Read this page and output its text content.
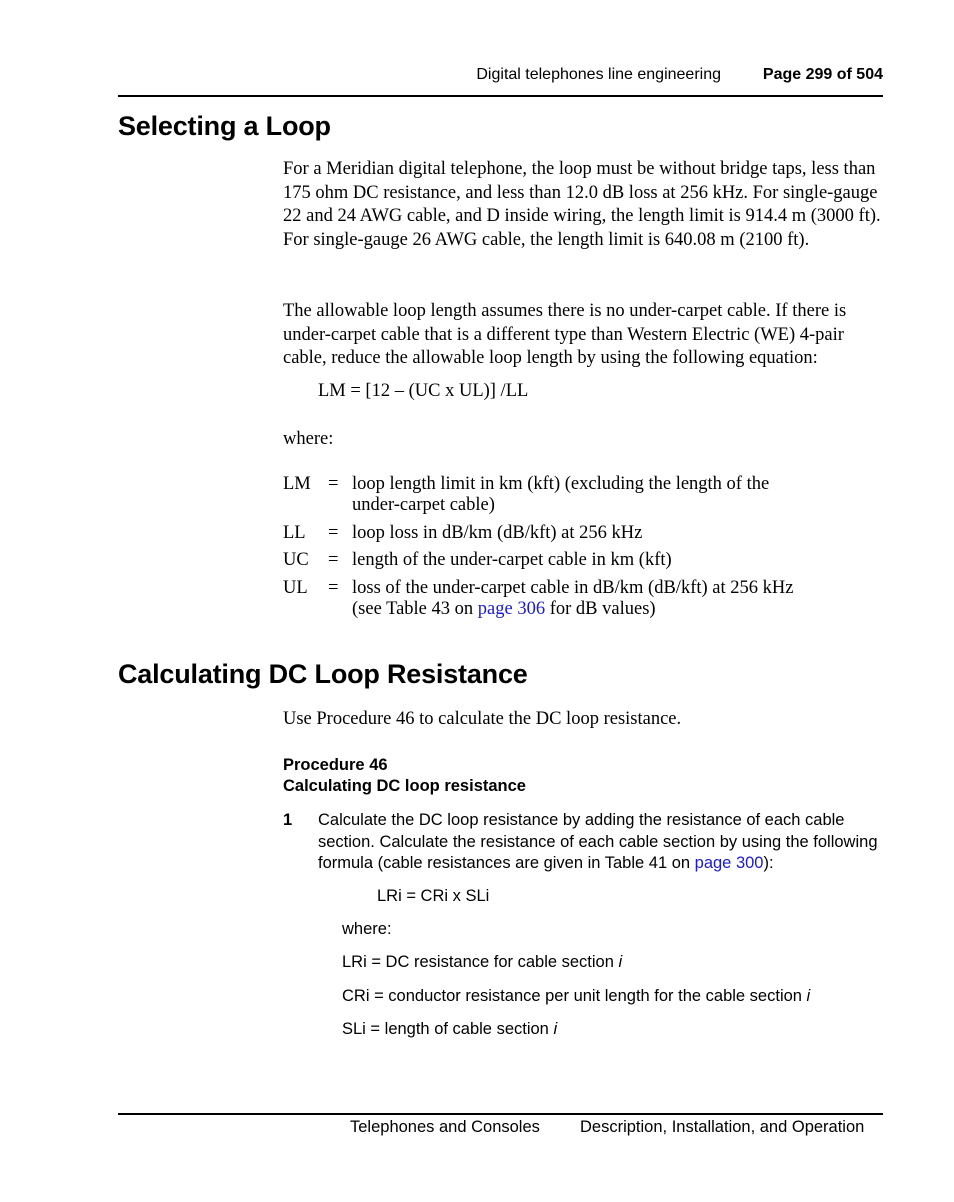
Digital telephones line engineering	Page 299 of 504
Selecting a Loop

For a Meridian digital telephone, the loop must be without bridge taps, less than 175 ohm DC resistance, and less than 12.0 dB loss at 256 kHz. For single-gauge 22 and 24 AWG cable, and D inside wiring, the length limit is 914.4 m (3000 ft). For single-gauge 26 AWG cable, the length limit is 640.08 m (2100 ft).

The allowable loop length assumes there is no under-carpet cable. If there is under-carpet cable that is a different type than Western Electric (WE) 4-pair cable, reduce the allowable loop length by using the following equation:

LM = [12 – (UC x UL)] /LL
where:
LM = loop length limit in km (kft) (excluding the length of the
under-carpet cable)
LL = loop loss in dB/km (dB/kft) at 256 kHz
UC = length of the under-carpet cable in km (kft)
UL = loss of the under-carpet cable in dB/km (dB/kft) at 256 kHz
(see Table 43 on page 306 for dB values)
Calculating DC Loop Resistance

Use Procedure 46 to calculate the DC loop resistance.

Procedure 46
Calculating DC loop resistance
1 Calculate the DC loop resistance by adding the resistance of each cable section. Calculate the resistance of each cable section by using the following formula (cable resistances are given in Table 41 on page 300):
LRi = CRi x SLi
where:
LRi = DC resistance for cable section i
CRi = conductor resistance per unit length for the cable section i
SLi = length of cable section i
Telephones and Consoles Description, Installation, and Operation
